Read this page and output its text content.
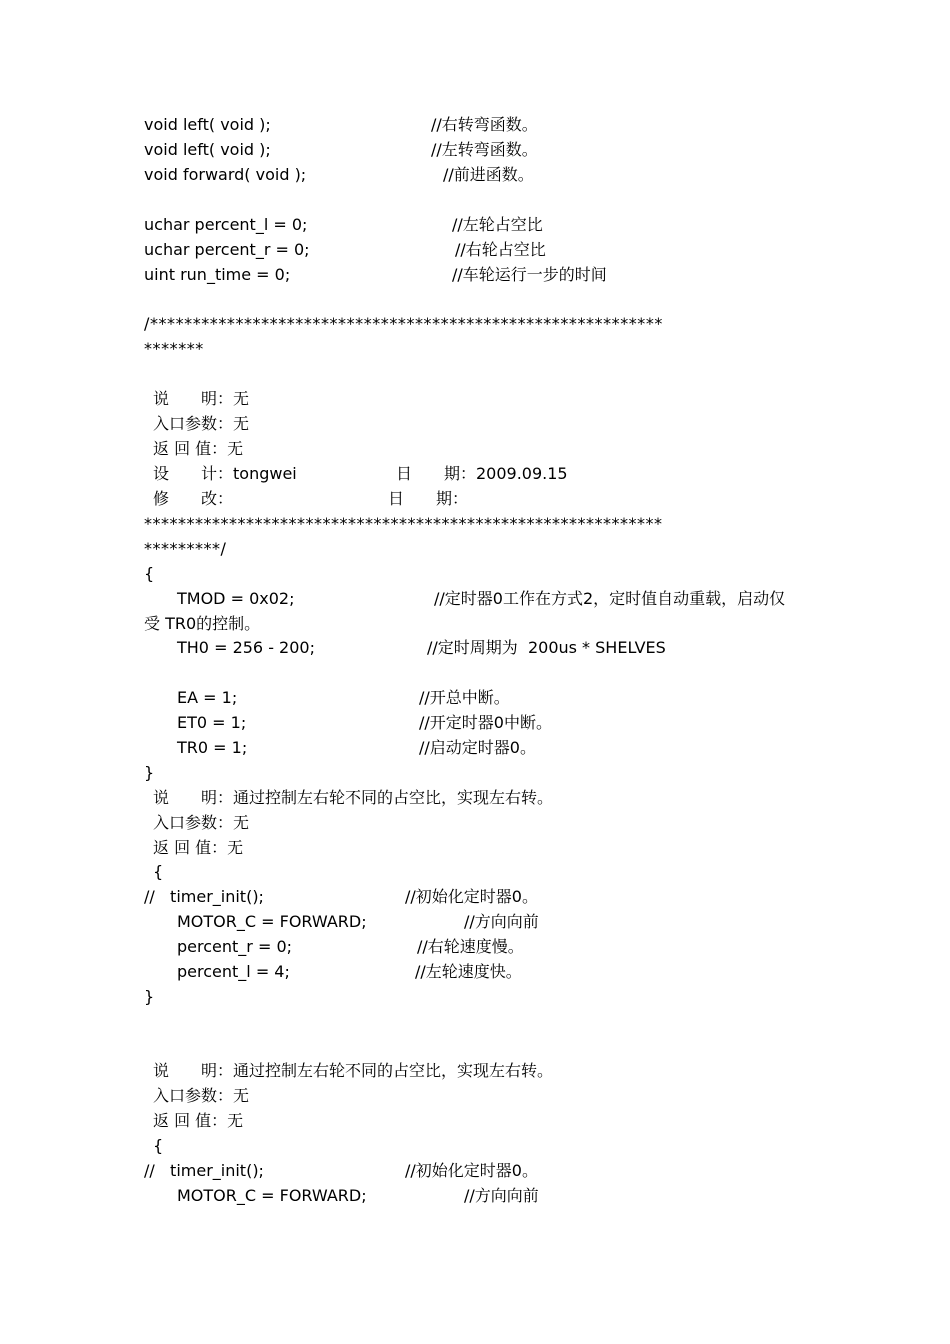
void left( void );	//右转弯函数。
void left( void );	//左转弯函数。
void forward( void );	//前进函数。
uchar percent_l = 0;	//左轮占空比
uchar percent_r = 0;	//右轮占空比
uint run_time = 0;	//车轮运行一步的时间
/************************************************************
*******
说　　明：无
入口参数：无
返 回 值：无
设　　计：tongwei	日　　期：2009.09.15
修　　改：	日　　期：
*************************************************************
*********/
{
TMOD = 0x02;	//定时器0工作在方式2，定时值自动重载，启动仅
受 TR0的控制。
TH0 = 256 - 200;	//定时周期为  200us * SHELVES
EA = 1;	//开总中断。
ET0 = 1;	//开定时器0中断。
TR0 = 1;	//启动定时器0。
}
说　　明：通过控制左右轮不同的占空比，实现左右转。
入口参数：无
返 回 值：无
{
//   timer_init();	//初始化定时器0。
MOTOR_C = FORWARD;	//方向向前
percent_r = 0;	//右轮速度慢。
percent_l = 4;	//左轮速度快。
}
说　　明：通过控制左右轮不同的占空比，实现左右转。
入口参数：无
返 回 值：无
{
//   timer_init();	//初始化定时器0。
MOTOR_C = FORWARD;	//方向向前
